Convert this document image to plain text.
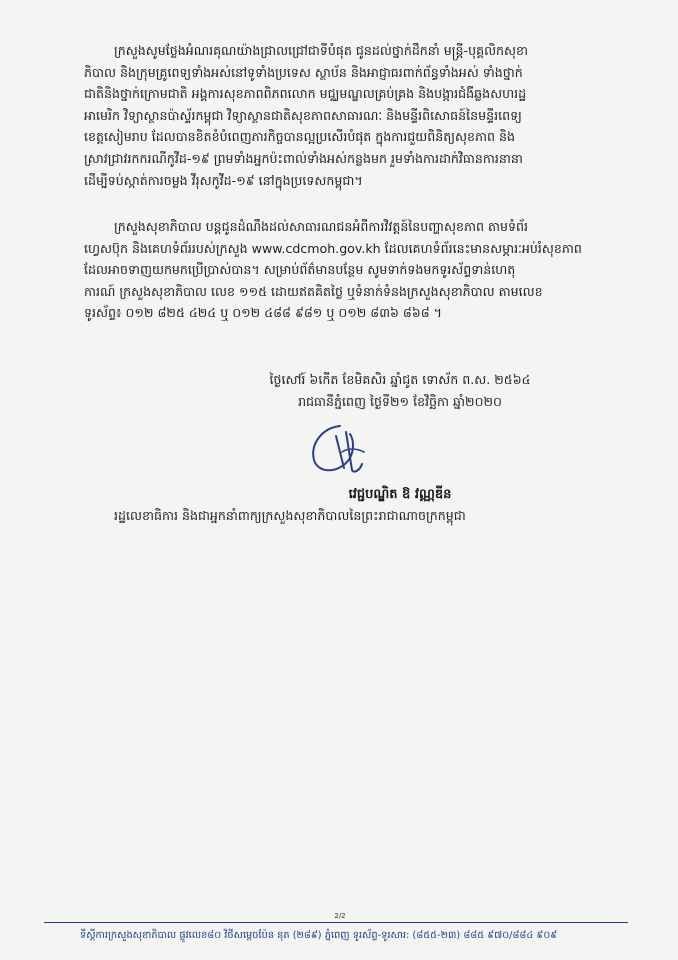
ក្រសួងសូមថ្លែងអំណរគុណយ៉ាងជ្រាលជ្រៅជាទីបំផុត ជូនដល់ថ្នាក់ដឹកនាំ មន្ត្រី-បុគ្គលិកសុខា
ភិបាល និងក្រុមគ្រូពេទ្យទាំងអស់នៅទូទាំងប្រទេស ស្ថាប័ន និងអាជ្ញាធរពាក់ព័ន្ធទាំងអស់ ទាំងថ្នាក់
ជាតិនិងថ្នាក់ក្រោមជាតិ អង្គការសុខភាពពិភពលោក មជ្ឈមណ្ឌលគ្រប់គ្រង និងបង្ការជំងឺឆ្លងសហរដ្ឋ
អាមេរិក វិទ្យាស្ថានប៉ាស្ទ័រកម្ពុជា វិទ្យាស្ថានជាតិសុខភាពសាធារណៈ និងមន្ទីរពិសោធន៍នៃមន្ទីរពេទ្យ
ខេត្តសៀមរាប ដែលបានខិតខំបំពេញភារកិច្ចបានល្អប្រសើរបំផុត ក្នុងការជួយពិនិត្យសុខភាព និង
ស្រាវជ្រាវរកករណីកូវីដ-១៩ ព្រមទាំងអ្នកប៉ះពាល់ទាំងអស់កន្លងមក រួមទាំងការដាក់វិធានការនានា
ដើម្បីទប់ស្កាត់ការចម្លង វីរុសកូវីដ-១៩ នៅក្នុងប្រទេសកម្ពុជា។
ក្រសួងសុខាភិបាល បន្តជូនដំណឹងដល់សាធារណជនអំពីការវិវត្តន៍នៃបញ្ហាសុខភាព តាមទំព័រ
ហ្វេសប៊ុក និងគេហទំព័ររបស់ក្រសួង www.cdcmoh.gov.kh ដែលគេហទំព័រនេះមានសម្ភារៈអប់រំសុខភាព
ដែលអាចទាញយកមកប្រើប្រាស់បាន។ សម្រាប់ព័ត៌មានបន្ថែម សូមទាក់ទងមកទូរស័ព្ទទាន់ហេតុ
ការណ៍ ក្រសួងសុខាភិបាល លេខ ១១៥ ដោយឥតគិតថ្លៃ ឬទំនាក់ទំនងក្រសួងសុខាភិបាល តាមលេខ
ទូរស័ព្ទ៖ ០១២ ៨២៥ ៤២៤ ឬ ០១២ ៤៨៨ ៩៨១ ឬ ០១២ ៨៣៦ ៨៦៨ ។
ថ្ងៃសៅរ៍ ៦កើត ខែមិគសិរ ឆ្នាំជូត ទោស័ក ព.ស. ២៥៦៤
រាជធានីភ្នំពេញ ថ្ងៃទី២១ ខែវិច្ឆិកា ឆ្នាំ២០២០
វេជ្ជបណ្ឌិត ឱ វណ្ណឌីន
រដ្ឋលេខាធិការ និងជាអ្នកនាំពាក្យក្រសួងសុខាភិបាលនៃព្រះរាជាណាចក្រកម្ពុជា
2/2
ទីស្តីការក្រសួងសុខាភិបាល ផ្លូវលេខ៨០ វិថីសម្តេចប៉ែន នុត (២៨៩) ភ្នំពេញ ទូរស័ព្ទ-ទូរសារ: (៨៥៥-២៣) ៨៨៥ ៩៧០/៨៨៤ ៩០៩
